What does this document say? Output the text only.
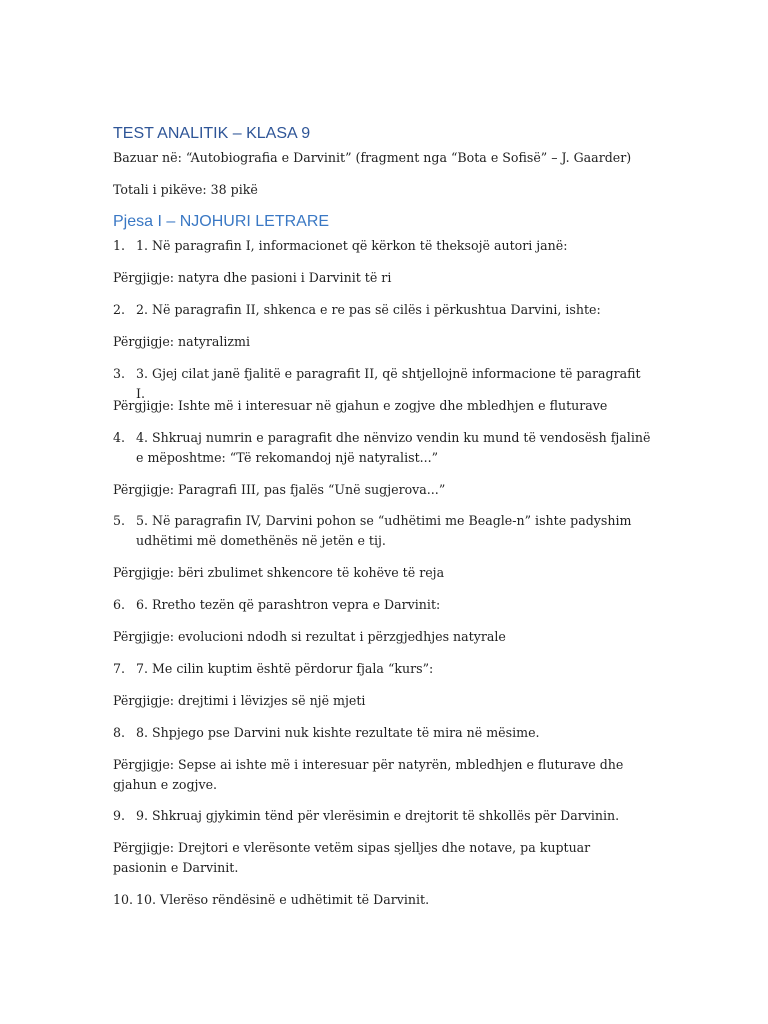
TEST ANALITIK – KLASA 9
Bazuar në: “Autobiografia e Darvinit” (fragment nga “Bota e Sofisë” – J. Gaarder)
Totali i pikëve: 38 pikë
Pjesa I – NJOHURI LETRARE
1. 1. Në paragrafin I, informacionet që kërkon të theksojë autori janë:
Përgjigje: natyra dhe pasioni i Darvinit të ri
2. 2. Në paragrafin II, shkenca e re pas së cilës i përkushtua Darvini, ishte:
Përgjigje: natyralizmi
3. 3. Gjej cilat janë fjalitë e paragrafit II, që shtjellojnë informacione të paragrafit I.
Përgjigje: Ishte më i interesuar në gjahun e zogjve dhe mbledhjen e fluturave
4. 4. Shkruaj numrin e paragrafit dhe nënvizo vendin ku mund të vendosësh fjalinë e mëposhtme: “Të rekomandoj një natyralist...”
Përgjigje: Paragrafi III, pas fjalës “Unë sugjerova...”
5. 5. Në paragrafin IV, Darvini pohon se “udhëtimi me Beagle-n” ishte padyshim udhëtimi më domethënës në jetën e tij.
Përgjigje: bëri zbulimet shkencore të kohëve të reja
6. 6. Rretho tezën që parashtron vepra e Darvinit:
Përgjigje: evolucioni ndodh si rezultat i përzgjedhjes natyrale
7. 7. Me cilin kuptim është përdorur fjala “kurs”:
Përgjigje: drejtimi i lëvizjes së një mjeti
8. 8. Shpjego pse Darvini nuk kishte rezultate të mira në mësime.
Përgjigje: Sepse ai ishte më i interesuar për natyrën, mbledhjen e fluturave dhe gjahun e zogjve.
9. 9. Shkruaj gjykimin tënd për vlerësimin e drejtorit të shkollës për Darvinin.
Përgjigje: Drejtori e vlerësonte vetëm sipas sjelljes dhe notave, pa kuptuar pasionin e Darvinit.
10. 10. Vlerëso rëndësinë e udhëtimit të Darvinit.
